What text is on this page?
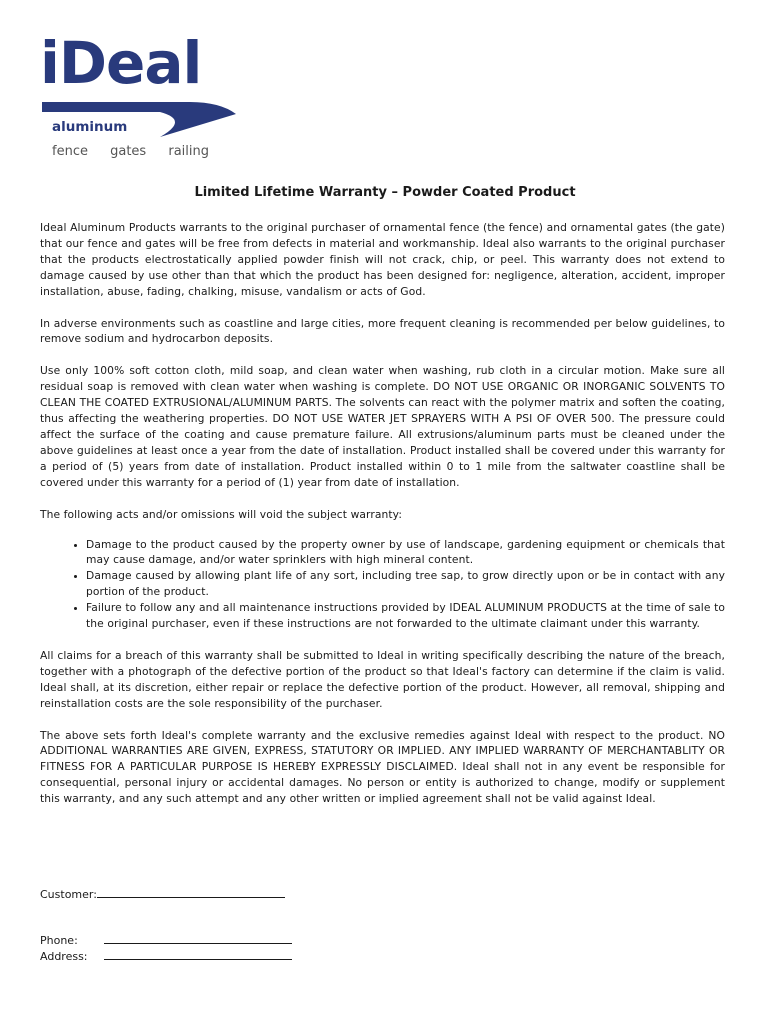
iDeal
aluminum
fence gates railing
Limited Lifetime Warranty – Powder Coated Product

Ideal Aluminum Products warrants to the original purchaser of ornamental fence (the fence) and ornamental gates (the gate) that our fence and gates will be free from defects in material and workmanship. Ideal also warrants to the original purchaser that the products electrostatically applied powder finish will not crack, chip, or peel. This warranty does not extend to damage caused by use other than that which the product has been designed for: negligence, alteration, accident, improper installation, abuse, fading, chalking, misuse, vandalism or acts of God.

In adverse environments such as coastline and large cities, more frequent cleaning is recommended per below guidelines, to remove sodium and hydrocarbon deposits.

Use only 100% soft cotton cloth, mild soap, and clean water when washing, rub cloth in a circular motion. Make sure all residual soap is removed with clean water when washing is complete. DO NOT USE ORGANIC OR INORGANIC SOLVENTS TO CLEAN THE COATED EXTRUSIONAL/ALUMINUM PARTS. The solvents can react with the polymer matrix and soften the coating, thus affecting the weathering properties. DO NOT USE WATER JET SPRAYERS WITH A PSI OF OVER 500. The pressure could affect the surface of the coating and cause premature failure. All extrusions/aluminum parts must be cleaned under the above guidelines at least once a year from the date of installation. Product installed shall be covered under this warranty for a period of (5) years from date of installation. Product installed within 0 to 1 mile from the saltwater coastline shall be covered under this warranty for a period of (1) year from date of installation.

The following acts and/or omissions will void the subject warranty:

• Damage to the product caused by the property owner by use of landscape, gardening equipment or chemicals that may cause damage, and/or water sprinklers with high mineral content.
• Damage caused by allowing plant life of any sort, including tree sap, to grow directly upon or be in contact with any portion of the product.
• Failure to follow any and all maintenance instructions provided by IDEAL ALUMINUM PRODUCTS at the time of sale to the original purchaser, even if these instructions are not forwarded to the ultimate claimant under this warranty.

All claims for a breach of this warranty shall be submitted to Ideal in writing specifically describing the nature of the breach, together with a photograph of the defective portion of the product so that Ideal's factory can determine if the claim is valid. Ideal shall, at its discretion, either repair or replace the defective portion of the product. However, all removal, shipping and reinstallation costs are the sole responsibility of the purchaser.

The above sets forth Ideal's complete warranty and the exclusive remedies against Ideal with respect to the product. NO ADDITIONAL WARRANTIES ARE GIVEN, EXPRESS, STATUTORY OR IMPLIED. ANY IMPLIED WARRANTY OF MERCHANTABLITY OR FITNESS FOR A PARTICULAR PURPOSE IS HEREBY EXPRESSLY DISCLAIMED. Ideal shall not in any event be responsible for consequential, personal injury or accidental damages. No person or entity is authorized to change, modify or supplement this warranty, and any such attempt and any other written or implied agreement shall not be valid against Ideal.

Customer:
Phone:
Address:
